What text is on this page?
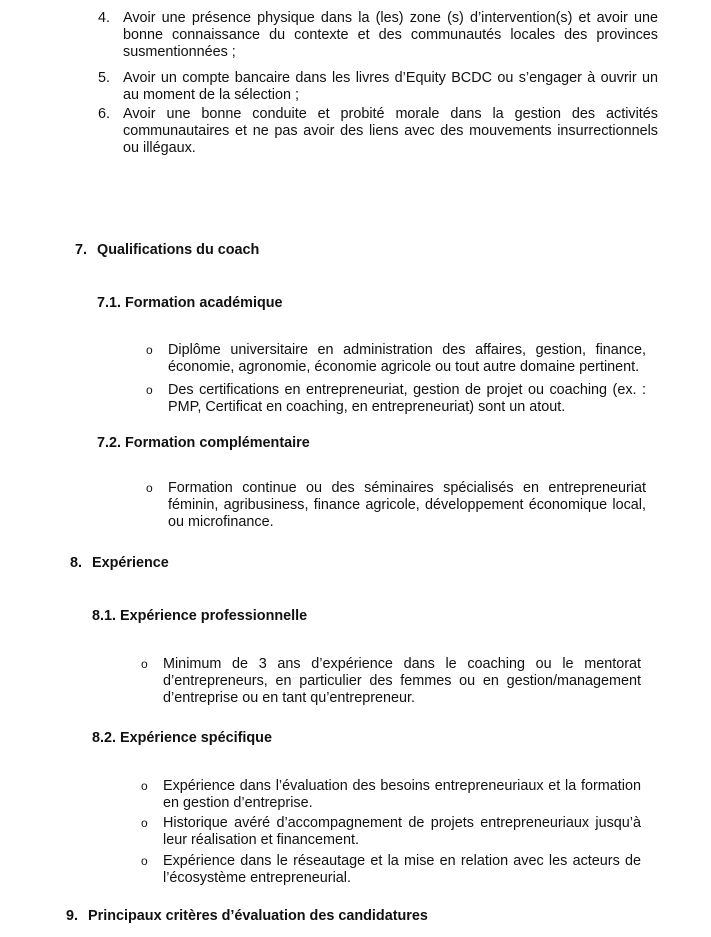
4. Avoir une présence physique dans la (les) zone (s) d’intervention(s) et avoir une bonne connaissance du contexte et des communautés locales des provinces susmentionnées ;
5. Avoir un compte bancaire dans les livres d’Equity BCDC ou s’engager à ouvrir un au moment de la sélection ;
6. Avoir une bonne conduite et probité morale dans la gestion des activités communautaires et ne pas avoir des liens avec des mouvements insurrectionnels ou illégaux.
7. Qualifications du coach
7.1. Formation académique
o Diplôme universitaire en administration des affaires, gestion, finance, économie, agronomie, économie agricole ou tout autre domaine pertinent.
o Des certifications en entrepreneuriat, gestion de projet ou coaching (ex. : PMP, Certificat en coaching, en entrepreneuriat) sont un atout.
7.2. Formation complémentaire
o Formation continue ou des séminaires spécialisés en entrepreneuriat féminin, agribusiness, finance agricole, développement économique local, ou microfinance.
8. Expérience
8.1. Expérience professionnelle
o Minimum de 3 ans d’expérience dans le coaching ou le mentorat d’entrepreneurs, en particulier des femmes ou en gestion/management d’entreprise ou en tant qu’entrepreneur.
8.2. Expérience spécifique
o Expérience dans l’évaluation des besoins entrepreneuriaux et la formation en gestion d’entreprise.
o Historique avéré d’accompagnement de projets entrepreneuriaux jusqu’à leur réalisation et financement.
o Expérience dans le réseautage et la mise en relation avec les acteurs de l’écosystème entrepreneurial.
9. Principaux critères d’évaluation des candidatures
